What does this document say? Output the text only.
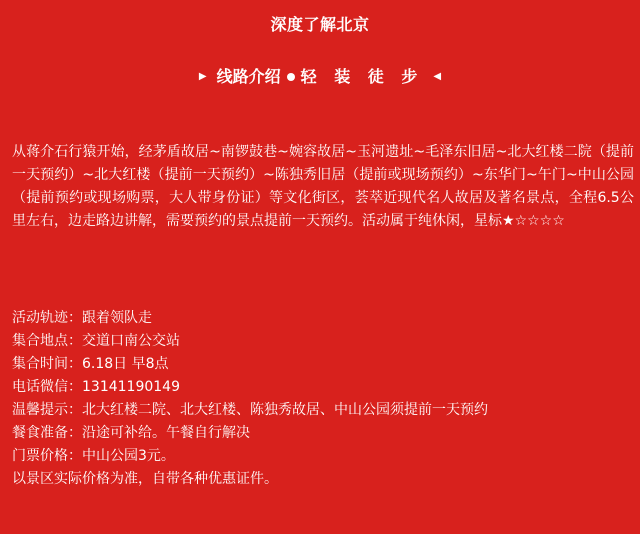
深度了解北京
▶ 线路介绍 轻 装 徒 步 ◀
从蒋介石行猿开始，经茅盾故居~南锣鼓巷~婉容故居~玉河遗址~毛泽东旧居~北大红楼二院（提前一天预约）~北大红楼（提前一天预约）~陈独秀旧居（提前或现场预约）~东华门~午门~中山公园（提前预约或现场购票，大人带身份证）等文化街区，荟萃近现代名人故居及著名景点，全程6.5公里左右，边走路边讲解，需要预约的景点提前一天预约。活动属于纯休闲，星标★☆☆☆☆
活动轨迹：跟着领队走
集合地点：交道口南公交站
集合时间：6.18日 早8点
电话微信：13141190149
温馨提示：北大红楼二院、北大红楼、陈独秀故居、中山公园须提前一天预约
餐食准备：沿途可补给。午餐自行解决
门票价格：中山公园3元。
以景区实际价格为准，自带各种优惠证件。
